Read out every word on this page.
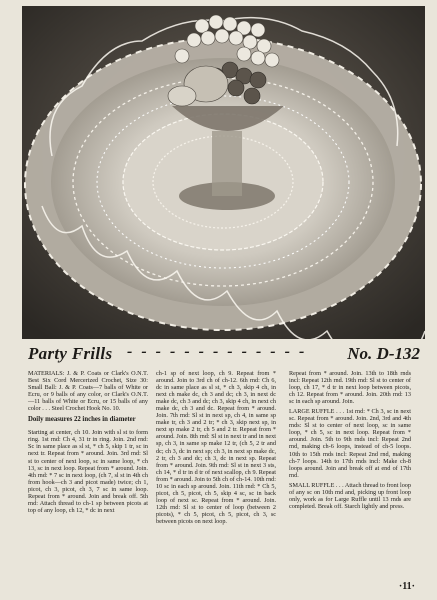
Party Frills - - - - - - - - - - - - - No. D-132

MATERIALS: J. & P. Coats or Clark's O.N.T. Best Six Cord Mercerized Crochet, Size 30: Small Ball: J. & P. Coats—7 balls of White or Ecru, or 9 balls of any color, or Clark's O.N.T.—11 balls of White or Ecru, or 15 balls of any color . . . Steel Crochet Hook No. 10.

Doily measures 22 inches in diameter

Starting at center, ch 10. Join with sl st to form ring. 1st rnd: Ch 4, 31 tr in ring. Join. 2nd rnd: Sc in same place as sl st, * ch 5, skip 1 tr, sc in next tr. Repeat from * around. Join. 3rd rnd: Sl st to center of next loop, sc in same loop, * ch 13, sc in next loop. Repeat from * around. Join. 4th rnd: * 7 sc in next loop, (ch 7, sl st in 4th ch from hook—ch 3 and picot made) twice; ch 1, picot, ch 3, picot, ch 3, 7 sc in same loop. Repeat from * around. Join and break off. 5th rnd: Attach thread to ch-1 sp between picots at top of any loop, ch 12, * dc in next

ch-1 sp of next loop, ch 9. Repeat from * around. Join to 3rd ch of ch-12. 6th rnd: Ch 6, dc in same place as sl st, * ch 3, skip 4 ch, in next ch make dc, ch 3 and dc; ch 3, in next dc make dc, ch 3 and dc; ch 3, skip 4 ch, in next ch make dc, ch 3 and dc. Repeat from * around. Join. 7th rnd: Sl st in next sp, ch 4, in same sp make tr, ch 3 and 2 tr; * ch 3, skip next sp, in next sp make 2 tr, ch 5 and 2 tr. Repeat from * around. Join. 8th rnd: Sl st in next tr and in next sp, ch 3, in same sp make 12 tr, (ch 5, 2 tr and dc; ch 3, dc in next sp; ch 3, in next sp make dc, 2 tr, ch 3 and dc; ch 3, dc in next sp. Repeat from * around. Join. 9th rnd: Sl st in next 3 sts, ch 14, * d tr in d tr of next scallop, ch 9. Repeat from * around. Join to 5th ch of ch-14. 10th rnd: 10 sc in each sp around. Join. 11th rnd: * Ch 5, picot, ch 5, picot, ch 5, skip 4 sc, sc in back loop of next sc. Repeat from * around. Join. 12th rnd: Sl st to center of loop (between 2 picots), * ch 5, picot, ch 5, picot, ch 3, sc between picots on next loop.

Repeat from * around. Join. 13th to 18th rnds incl: Repeat 12th rnd. 19th rnd: Sl st to center of loop, ch 17, * d tr in next loop between picots, ch 12. Repeat from * around. Join. 20th rnd: 13 sc in each sp around. Join.

LARGE RUFFLE . . . 1st rnd: * Ch 3, sc in next sc. Repeat from * around. Join. 2nd, 3rd and 4th rnds: Sl st to center of next loop, sc in same loop, * ch 5, sc in next loop. Repeat from * around. Join. 5th to 9th rnds incl: Repeat 2nd rnd, making ch-6 loops, instead of ch-5 loops. 10th to 15th rnds incl: Repeat 2nd rnd, making ch-7 loops. 14th to 17th rnds incl: Make ch-8 loops around. Join and break off at end of 17th rnd.

SMALL RUFFLE . . . Attach thread to front loop of any sc on 10th rnd and, picking up front loop only, work as for Large Ruffle until 13 rnds are completed. Break off. Starch lightly and press.

·11·
